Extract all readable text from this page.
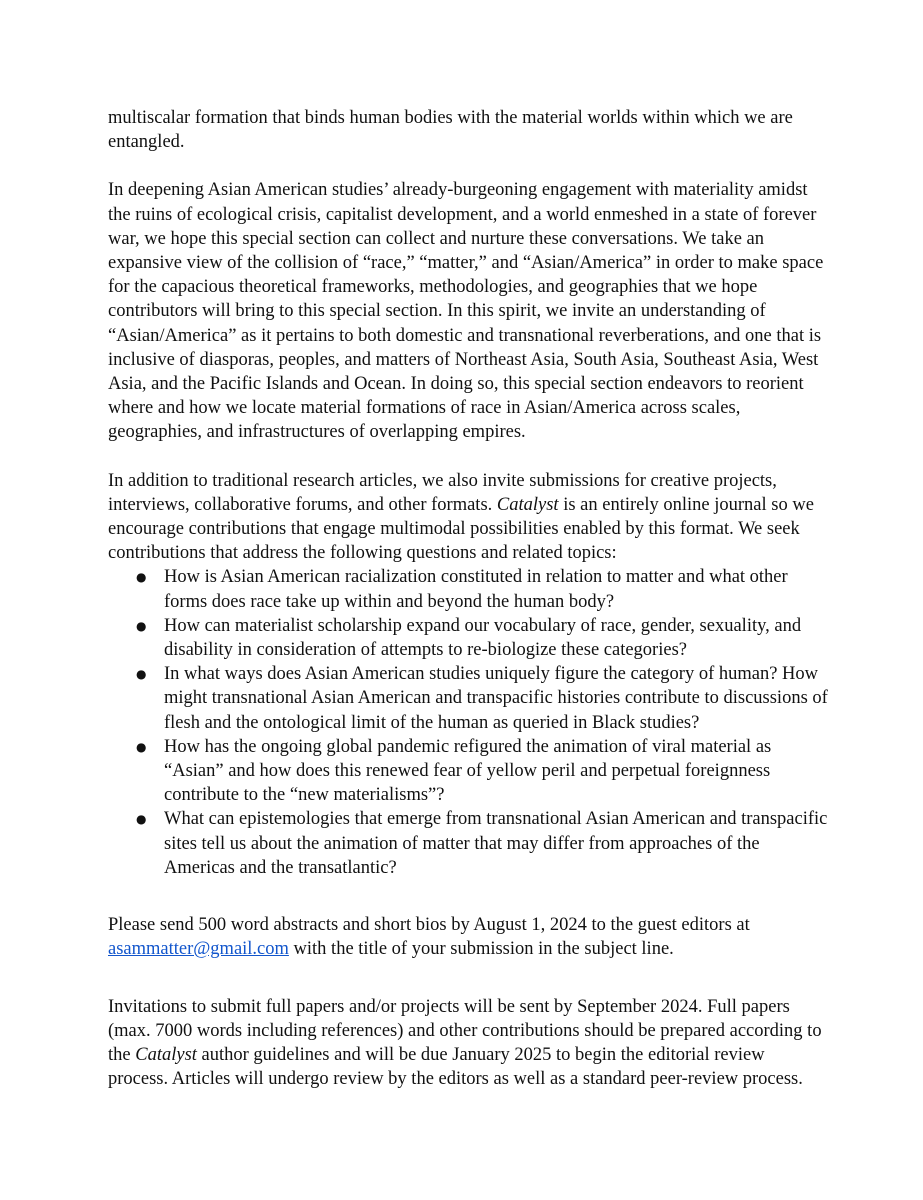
multiscalar formation that binds human bodies with the material worlds within which we are entangled.

In deepening Asian American studies’ already-burgeoning engagement with materiality amidst the ruins of ecological crisis, capitalist development, and a world enmeshed in a state of forever war, we hope this special section can collect and nurture these conversations. We take an expansive view of the collision of “race,” “matter,” and “Asian/America” in order to make space for the capacious theoretical frameworks, methodologies, and geographies that we hope contributors will bring to this special section. In this spirit, we invite an understanding of “Asian/America” as it pertains to both domestic and transnational reverberations, and one that is inclusive of diasporas, peoples, and matters of Northeast Asia, South Asia, Southeast Asia, West Asia, and the Pacific Islands and Ocean. In doing so, this special section endeavors to reorient where and how we locate material formations of race in Asian/America across scales, geographies, and infrastructures of overlapping empires.

In addition to traditional research articles, we also invite submissions for creative projects, interviews, collaborative forums, and other formats. Catalyst is an entirely online journal so we encourage contributions that engage multimodal possibilities enabled by this format. We seek contributions that address the following questions and related topics:

● How is Asian American racialization constituted in relation to matter and what other forms does race take up within and beyond the human body?
● How can materialist scholarship expand our vocabulary of race, gender, sexuality, and disability in consideration of attempts to re-biologize these categories?
● In what ways does Asian American studies uniquely figure the category of human? How might transnational Asian American and transpacific histories contribute to discussions of flesh and the ontological limit of the human as queried in Black studies?
● How has the ongoing global pandemic refigured the animation of viral material as “Asian” and how does this renewed fear of yellow peril and perpetual foreignness contribute to the “new materialisms”?
● What can epistemologies that emerge from transnational Asian American and transpacific sites tell us about the animation of matter that may differ from approaches of the Americas and the transatlantic?

Please send 500 word abstracts and short bios by August 1, 2024 to the guest editors at asammatter@gmail.com with the title of your submission in the subject line.

Invitations to submit full papers and/or projects will be sent by September 2024. Full papers (max. 7000 words including references) and other contributions should be prepared according to the Catalyst author guidelines and will be due January 2025 to begin the editorial review process. Articles will undergo review by the editors as well as a standard peer-review process.
